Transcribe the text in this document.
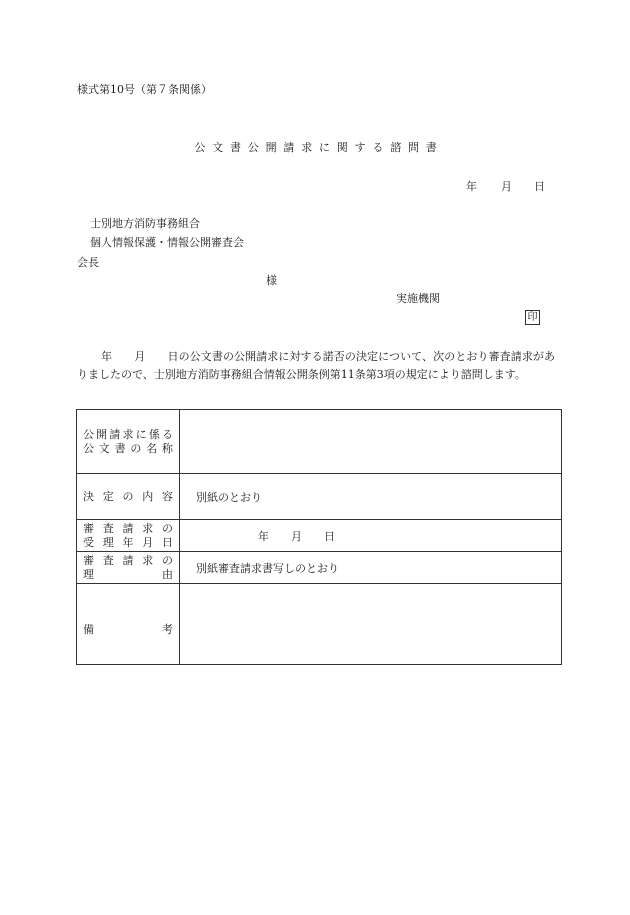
様式第10号（第７条関係）
公文書公開請求に関する諮問書
年 月 日
士別地方消防事務組合
個人情報保護・情報公開審査会
会長
様
実施機関
印
年　　月　　日の公文書の公開請求に対する諾否の決定について、次のとおり審査請求がありましたので、士別地方消防事務組合情報公開条例第11条第3項の規定により諮問します。
公開請求に係る
公文書の名称	

決定の内容	別紙のとおり

審査請求の
受理年月日	年　　月　　日

審査請求の
理由	別紙審査請求書写しのとおり

備考	
